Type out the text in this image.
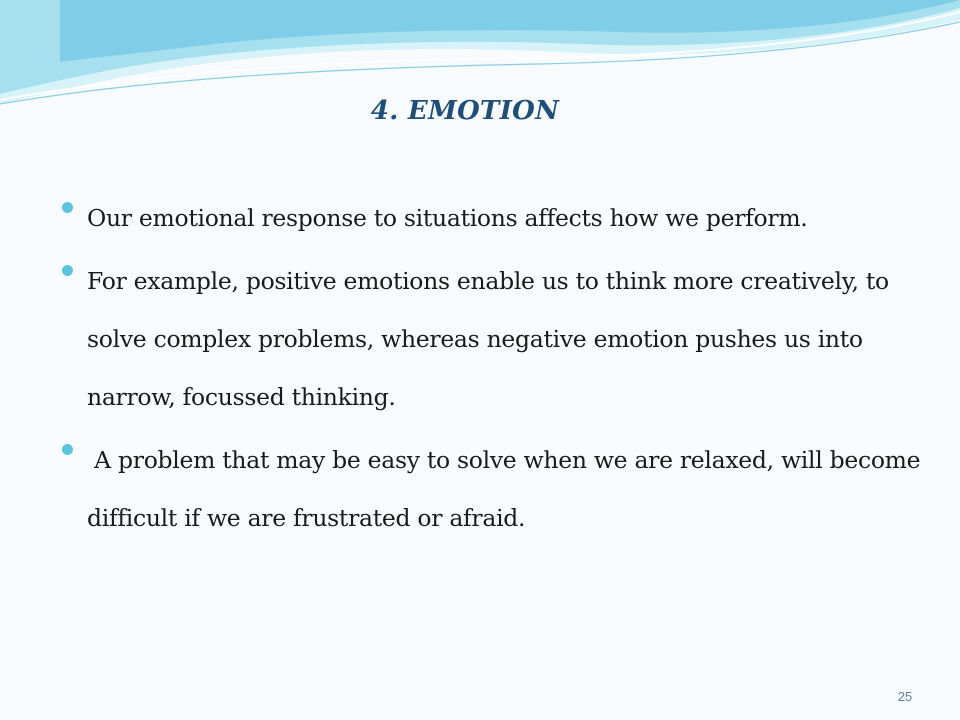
4. EMOTION
Our emotional response to situations affects how we perform.
For example, positive emotions enable us to think more creatively, to solve complex problems, whereas negative emotion pushes us into narrow, focussed thinking.
A problem that may be easy to solve when we are relaxed, will become difficult if we are frustrated or afraid.
25
